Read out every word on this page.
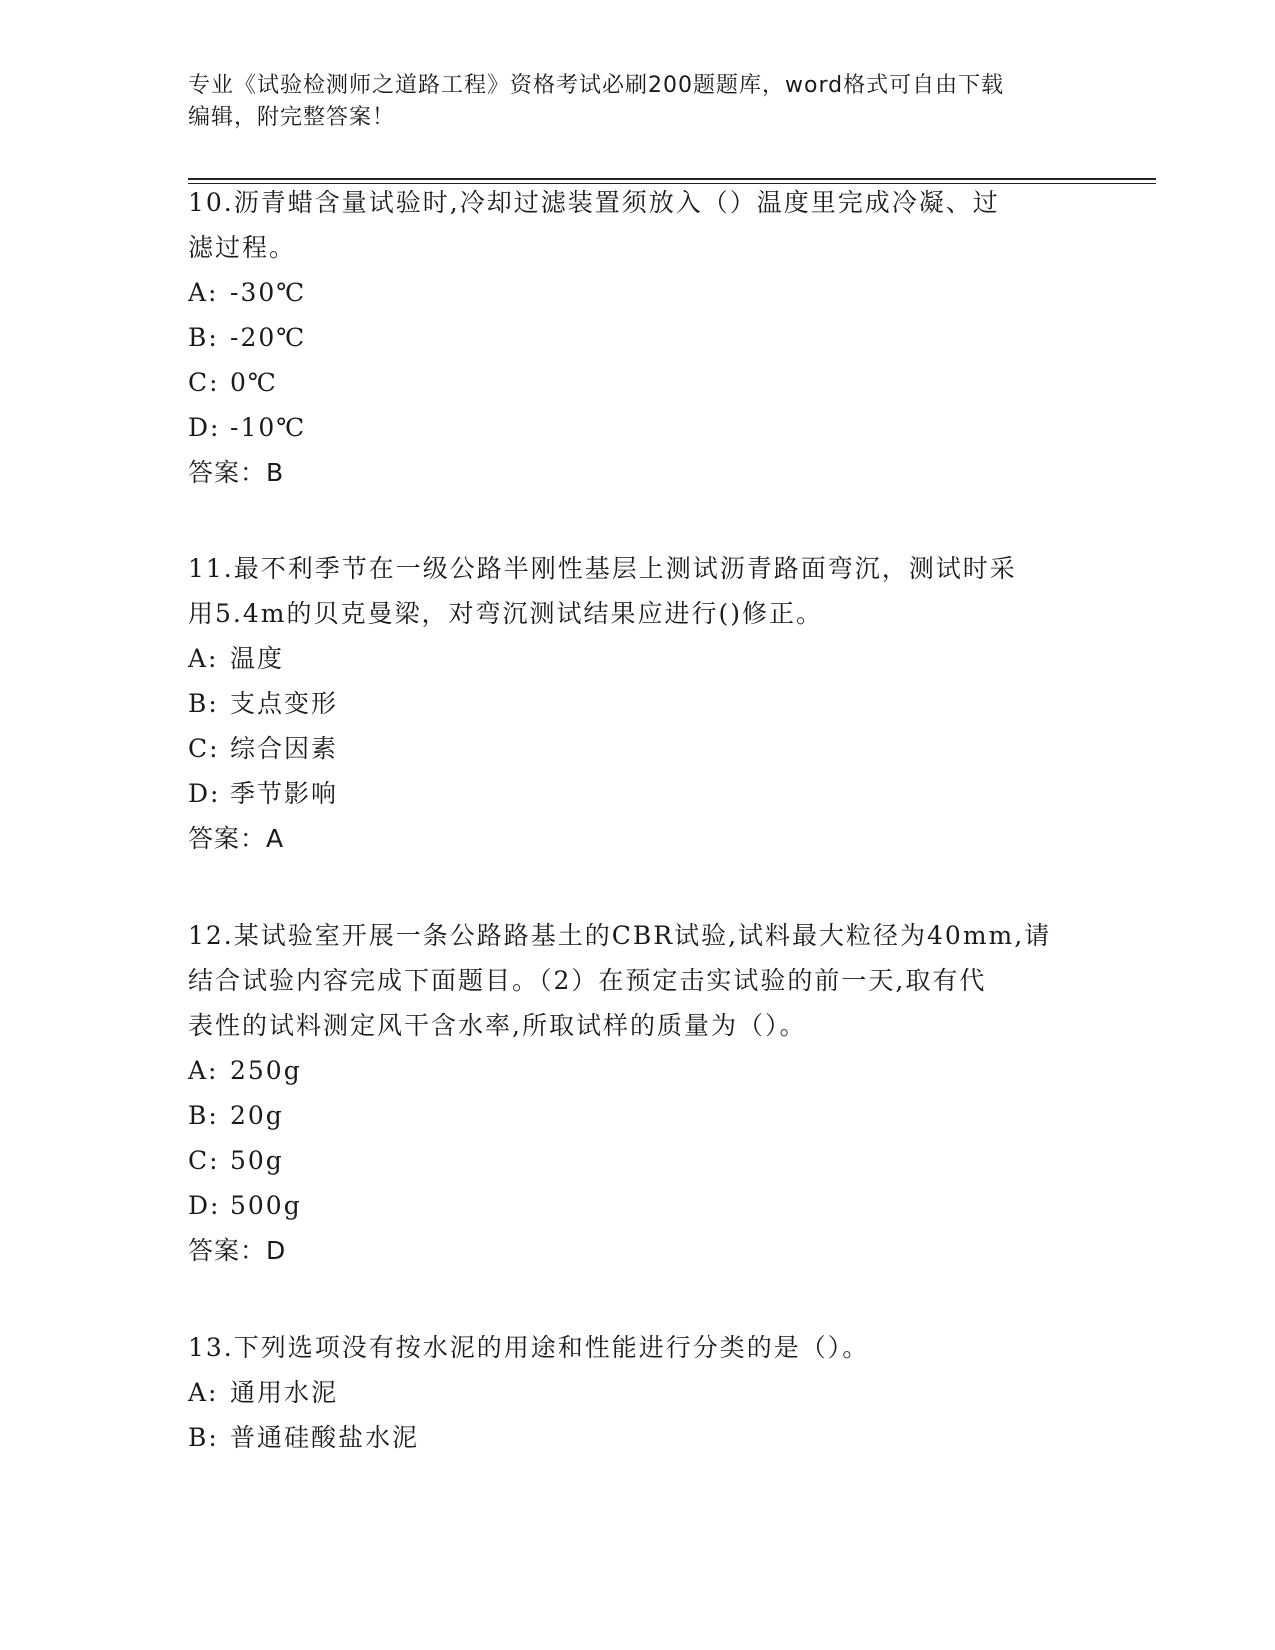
专业《试验检测师之道路工程》资格考试必刷200题题库，word格式可自由下载
编辑，附完整答案！

10.沥青蜡含量试验时,冷却过滤装置须放入（）温度里完成冷凝、过

滤过程。

A: -30℃

B: -20℃

C: 0℃

D: -10℃

答案：B

11.最不利季节在一级公路半刚性基层上测试沥青路面弯沉，测试时采

用5.4m的贝克曼梁，对弯沉测试结果应进行()修正。

A: 温度

B: 支点变形

C: 综合因素

D: 季节影响

答案：A

12.某试验室开展一条公路路基土的CBR试验,试料最大粒径为40mm,请

结合试验内容完成下面题目。（2）在预定击实试验的前一天,取有代

表性的试料测定风干含水率,所取试样的质量为（）。

A: 250g

B: 20g

C: 50g

D: 500g

答案：D

13.下列选项没有按水泥的用途和性能进行分类的是（）。

A: 通用水泥

B: 普通硅酸盐水泥
